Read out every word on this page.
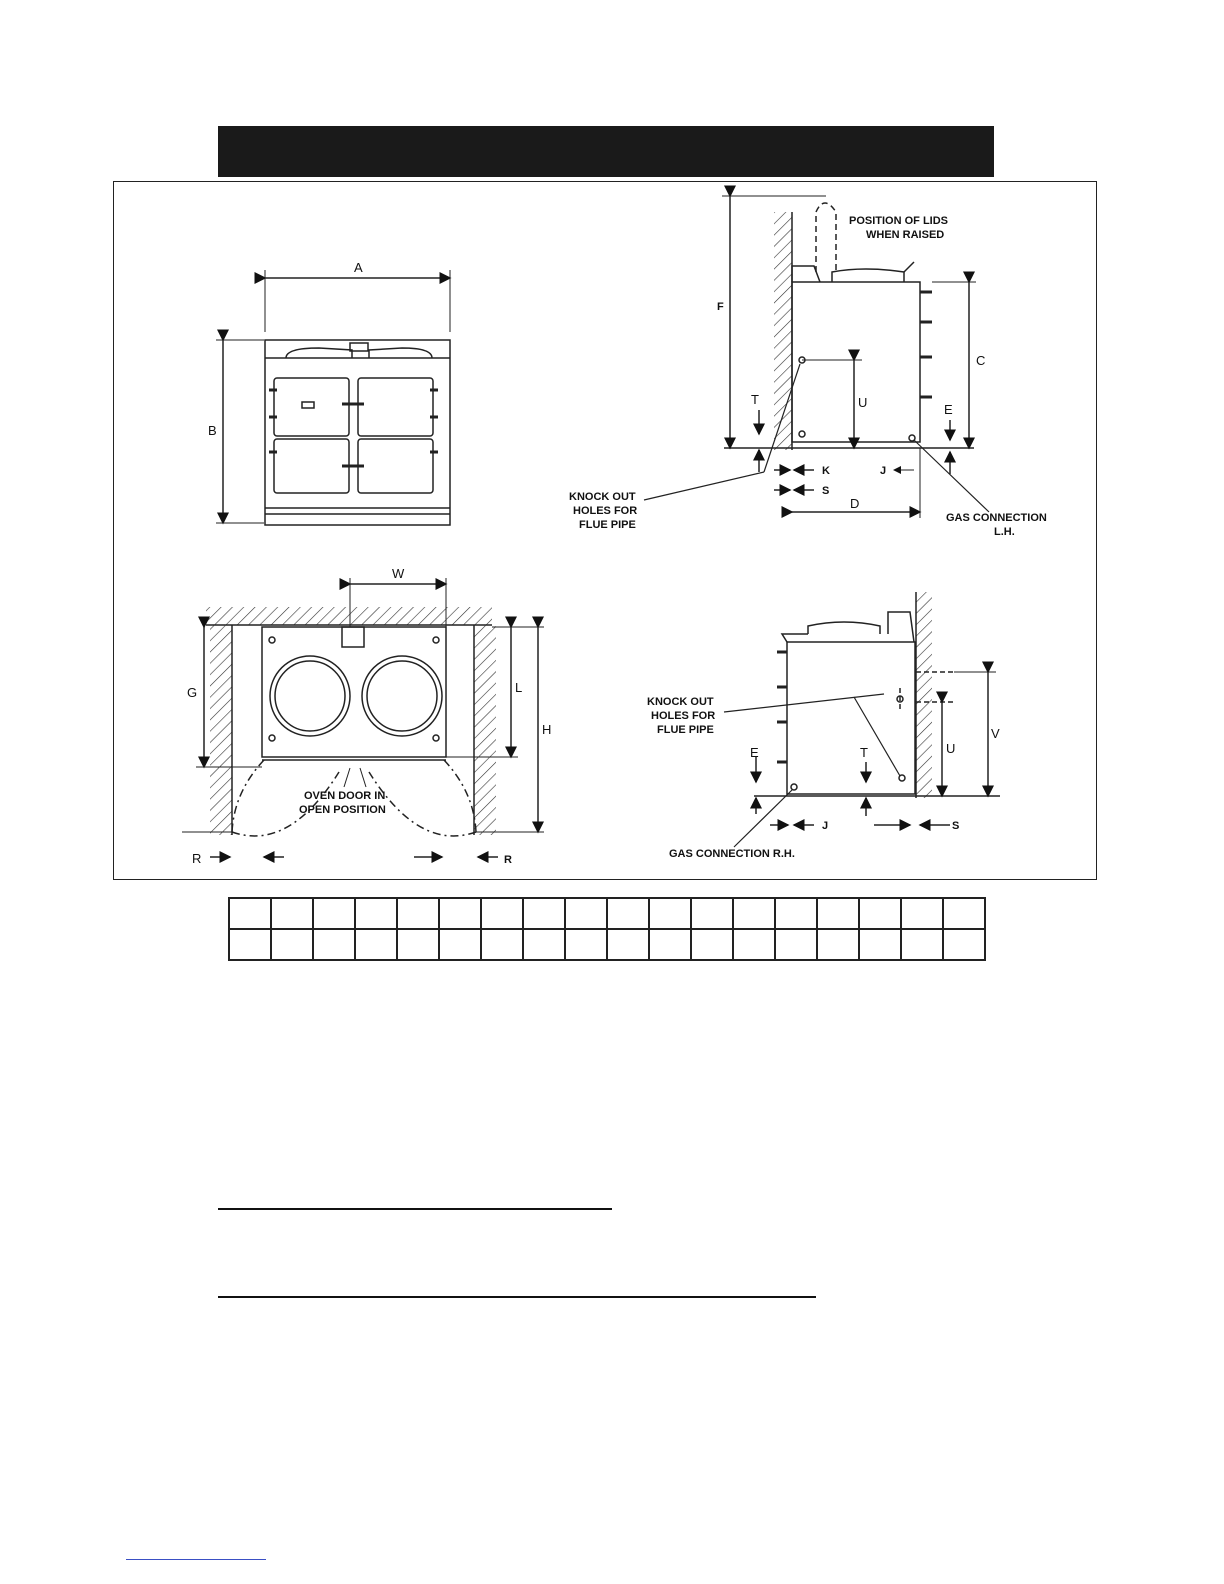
A
B
POSITION OF LIDS
WHEN RAISED
F
C
U
T
E
K	J
S
D
KNOCK OUT
HOLES FOR
FLUE PIPE
GAS CONNECTION
L.H.
W
G	L
H
R	R
OVEN DOOR IN
OPEN POSITION
KNOCK OUT
HOLES FOR
FLUE PIPE	V
U
E	T
J	S
GAS CONNECTION R.H.
